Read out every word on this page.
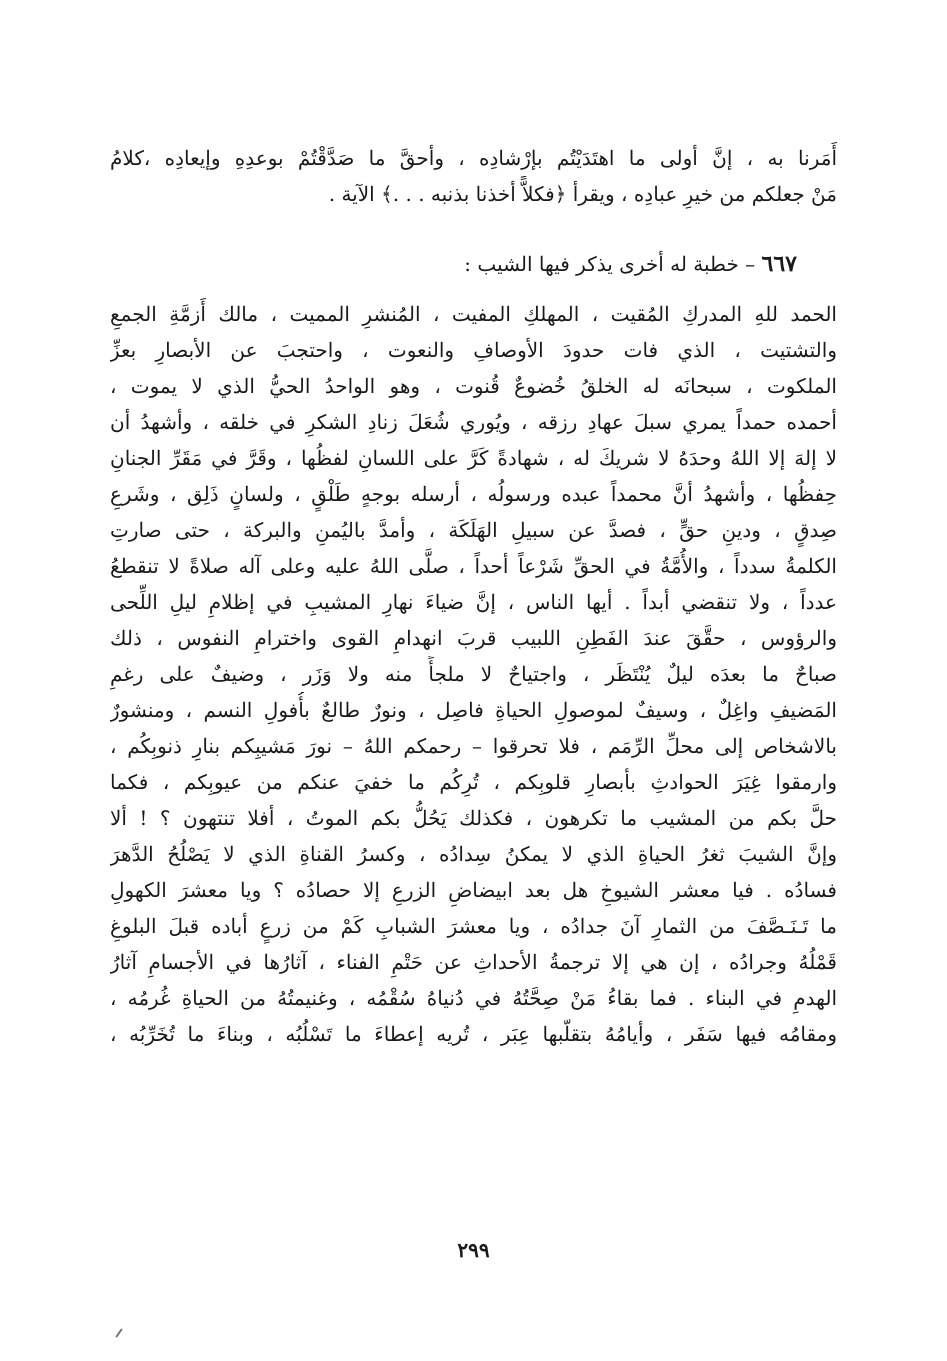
أَمَرنا به ، إنَّ أولى ما اهتَدَيْتُم بإرْشادِه ، وأحقَّ ما صَدَّقْتُمْ بوعدِهِ وإيعادِه ،كلامُ
مَنْ جعلكم من خيرِ عبادِه ، ويقرأ ﴿فكلاًّ أخذنا بذنبه . . .﴾ الآية .
٦٦٧ – خطبة له أخرى يذكر فيها الشيب :
الحمد للهِ المدركِ المُقيت ، المهلكِ المفيت ، المُنشرِ المميت ، مالك أَزمَّةِ الجمعِ
والتشتيت ، الذي فات حدودَ الأوصافِ والنعوت ، واحتجبَ عن الأبصارِ بعزِّ
الملكوت ، سبحانَه له الخلقُ خُضوعٌ قُنوت ، وهو الواحدُ الحيُّ الذي لا يموت ،
أحمده حمداً يمري سبلَ عهادِ رزقه ، ويُوري شُعَلَ زنادِ الشكرِ في خلقه ، وأشهدُ أن
لا إلهَ إلا اللهُ وحدَهُ لا شريكَ له ، شهادةً كَرَّ على اللسانِ لفظُها ، وقَرَّ في مَقَرِّ الجنانِ
حِفظُها ، وأشهدُ أنَّ محمداً عبده ورسولُه ، أرسله بوجهٍ طَلْقٍ ، ولسانٍ ذَلِق ، وشَرعِ
صِدقٍ ، ودينِ حقٍّ ، فصدَّ عن سبيلِ الهَلَكَة ، وأمدَّ باليُمنِ والبركة ، حتى صارتِ
الكلمةُ سدداً ، والأُمَّةُ في الحقِّ شَرْعاً أحداً ، صلَّى اللهُ عليه وعلى آله صلاةً لا تنقطعُ
عدداً ، ولا تنقضي أبداً . أيها الناس ، إنَّ ضياءَ نهارِ المشيبِ في إظلامِ ليلِ اللِّحى
والرؤوس ، حقَّقَ عندَ الفَطِنِ اللبيب قربَ انهدامِ القوى واخترامِ النفوس ، ذلك
صباحٌ ما بعدَه ليلٌ يُنْتَظَر ، واجتياحٌ لا ملجأً منه ولا وَزَر ، وضيفٌ على رغمِ
المَضيفِ واغِلٌ ، وسيفٌ لموصولِ الحياةِ فاصِل ، ونورٌ طالعٌ بأُفولِ النسم ، ومنشورٌ
بالاشخاص إلى محلِّ الرِّمَم ، فلا تحرقوا – رحمكم اللهُ – نورَ مَشيبِكم بنارِ ذنوبِكُم ،
وارمقوا غِيَرَ الحوادثِ بأبصارِ قلوبِكم ، تُرِكُم ما خفيَ عنكم من عيوبِكم ، فكما
حلَّ بكم من المشيب ما تكرهون ، فكذلك يَحُلُّ بكم الموتُ ، أفلا تنتهون ؟ ! ألا
وإنَّ الشيبَ ثغرُ الحياةِ الذي لا يمكنُ سِدادُه ، وكسرُ القناةِ الذي لا يَصْلُحُ الدَّهرَ
فسادُه . فيا معشر الشيوخِ هل بعد ابيضاضِ الزرعِ إلا حصادُه ؟ ويا معشرَ الكهولِ
ما تَـنَـصَّفَ من الثمارِ آنَ جدادُه ، ويا معشرَ الشبابِ كَمْ من زرعٍ أباده قبلَ البلوغِ
قَمْلُهُ وجرادُه ، إن هي إلا ترجمةُ الأحداثِ عن حَتْمِ الفناء ، آثارُها في الأجسامِ آثارُ
الهدمِ في البناء . فما بقاءُ مَنْ صِحَّتُهُ في دُنياهُ سُقْمُه ، وغنيمتُهُ من الحياةِ غُرمُه ،
ومقامُه فيها سَفَر ، وأيامُهُ بتقلّبها عِبَر ، تُريه إعطاءَ ما تَسْلُبُه ، وبناءَ ما تُخَرِّبُه ،
٢٩٩
